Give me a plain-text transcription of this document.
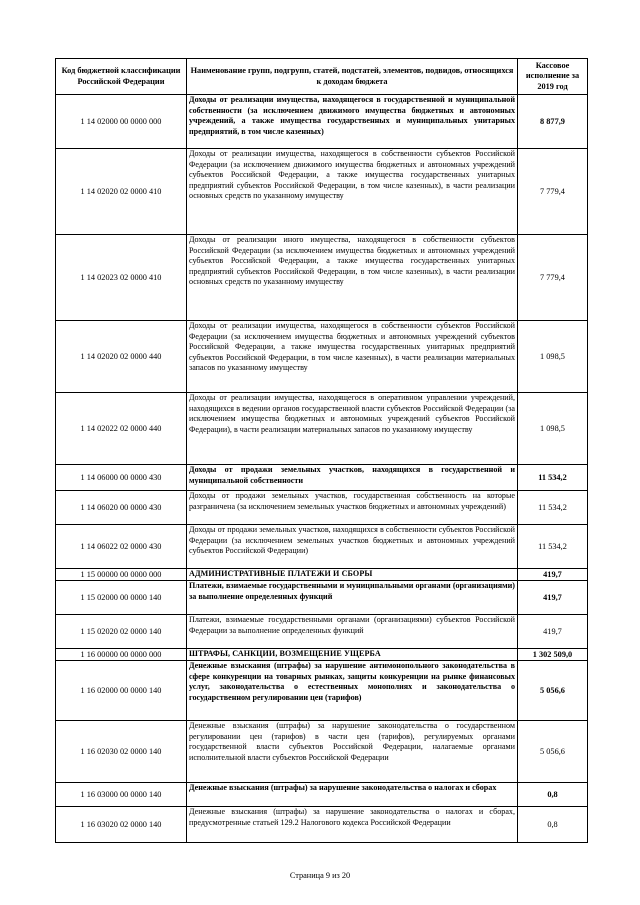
Код бюджетной классификации Российской Федерации	Наименование групп, подгрупп, статей, подстатей, элементов, подвидов, относящихся к доходам бюджета	Кассовое исполнение за 2019 год
1 14 02000 00 0000 000	Доходы от реализации имущества, находящегося в государственной и муниципальной собственности (за исключением движимого имущества бюджетных и автономных учреждений, а также имущества государственных и муниципальных унитарных предприятий, в том числе казенных)	8 877,9
1 14 02020 02 0000 410	Доходы от реализации имущества, находящегося в собственности субъектов Российской Федерации (за исключением движимого имущества бюджетных и автономных учреждений субъектов Российской Федерации, а также имущества государственных унитарных предприятий субъектов Российской Федерации, в том числе казенных), в части реализации основных средств по указанному имуществу	7 779,4
1 14 02023 02 0000 410	Доходы от реализации иного имущества, находящегося в собственности субъектов Российской Федерации (за исключением имущества бюджетных и автономных учреждений субъектов Российской Федерации, а также имущества государственных унитарных предприятий субъектов Российской Федерации, в том числе казенных), в части реализации основных средств по указанному имуществу	7 779,4
1 14 02020 02 0000 440	Доходы от реализации имущества, находящегося в собственности субъектов Российской Федерации (за исключением имущества бюджетных и автономных учреждений субъектов Российской Федерации, а также имущества государственных унитарных предприятий субъектов Российской Федерации, в том числе казенных), в части реализации материальных запасов по указанному имуществу	1 098,5
1 14 02022 02 0000 440	Доходы от реализации имущества, находящегося в оперативном управлении учреждений, находящихся в ведении органов государственной власти субъектов Российской Федерации (за исключением имущества бюджетных и автономных учреждений субъектов Российской Федерации), в части реализации материальных запасов по указанному имуществу	1 098,5
1 14 06000 00 0000 430	Доходы от продажи земельных участков, находящихся в государственной и муниципальной собственности	11 534,2
1 14 06020 00 0000 430	Доходы от продажи земельных участков, государственная собственность на которые разграничена (за исключением земельных участков бюджетных и автономных учреждений)	11 534,2
1 14 06022 02 0000 430	Доходы от продажи земельных участков, находящихся в собственности субъектов Российской Федерации (за исключением земельных участков бюджетных и автономных учреждений субъектов Российской Федерации)	11 534,2
1 15 00000 00 0000 000	АДМИНИСТРАТИВНЫЕ ПЛАТЕЖИ И СБОРЫ	419,7
1 15 02000 00 0000 140	Платежи, взимаемые государственными и муниципальными органами (организациями) за выполнение определенных функций	419,7
1 15 02020 02 0000 140	Платежи, взимаемые государственными органами (организациями) субъектов Российской Федерации за выполнение определенных функций	419,7
1 16 00000 00 0000 000	ШТРАФЫ, САНКЦИИ, ВОЗМЕЩЕНИЕ УЩЕРБА	1 302 509,0
1 16 02000 00 0000 140	Денежные взыскания (штрафы) за нарушение антимонопольного законодательства в сфере конкуренции на товарных рынках, защиты конкуренции на рынке финансовых услуг, законодательства о естественных монополиях и законодательства о государственном регулировании цен (тарифов)	5 056,6
1 16 02030 02 0000 140	Денежные взыскания (штрафы) за нарушение законодательства о государственном регулировании цен (тарифов) в части цен (тарифов), регулируемых органами государственной власти субъектов Российской Федерации, налагаемые органами исполнительной власти субъектов Российской Федерации	5 056,6
1 16 03000 00 0000 140	Денежные взыскания (штрафы) за нарушение законодательства о налогах и сборах	0,8
1 16 03020 02 0000 140	Денежные взыскания (штрафы) за нарушение законодательства о налогах и сборах, предусмотренные статьей 129.2 Налогового кодекса Российской Федерации	0,8
Страница 9 из 20
